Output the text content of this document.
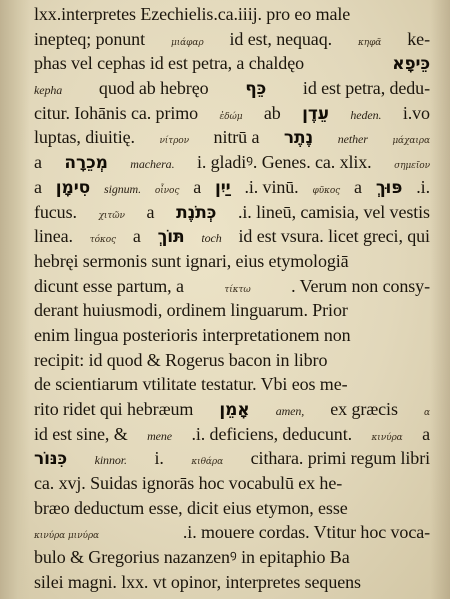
lxx.interpretes Ezechielis.ca.iiij. pro eo male
inepteq; ponunt	μιάφαρ id est, nequaq.	κηφᾶ ke-
phas vel cephas id est petra, a chaldęo	כֵּיפָא
kepha quod ab hebręo כֵּף id est petra, dedu-
citur. Iohānis ca. primo ἐδώμ ab עֵדֶן heden. i.vo
luptas, diuitię.	νίτρον nitrū a נֶתֶר nether	μάχαιρα
a מְכֵרָה machera. i. gladiꝰ. Genes. ca. xlix. σημεῖον
a סִימָן signum. οἶνος a יַיִן .i. vinū. φῦκος a פּוּךְ .i.
fucus. χιτῶν a כְּתֹנֶת .i. lineū, camisia, vel vestis
linea. τόκος a תּוֹךְ toch id est vsura. licet greci, qui
hebręi sermonis sunt ignari, eius etymologiā
dicunt esse partum, a	τίκτω . Verum non consy-
derant huiusmodi, ordinem linguarum. Prior
enim lingua posterioris interpretationem non
recipit: id quod & Rogerus bacon in libro
de scientiarum vtilitate testatur. Vbi eos me-
rito ridet qui hebræum אָמֵן amen, ex græcis	α
id est sine, & mene .i. deficiens, deducunt. κινύρα a
כִּנּוֹר kinnor. i.	κιθάρα cithara. primi regum libri
ca. xvj. Suidas ignorās hoc vocabulū ex he-
bræo deductum esse, dicit eius etymon, esse
κινύρα μινύρα	.i. mouere cordas. Vtitur hoc voca-
bulo & Gregorius nazanzenꝰ in epitaphio Ba
silei magni. lxx. vt opinor, interpretes sequens
